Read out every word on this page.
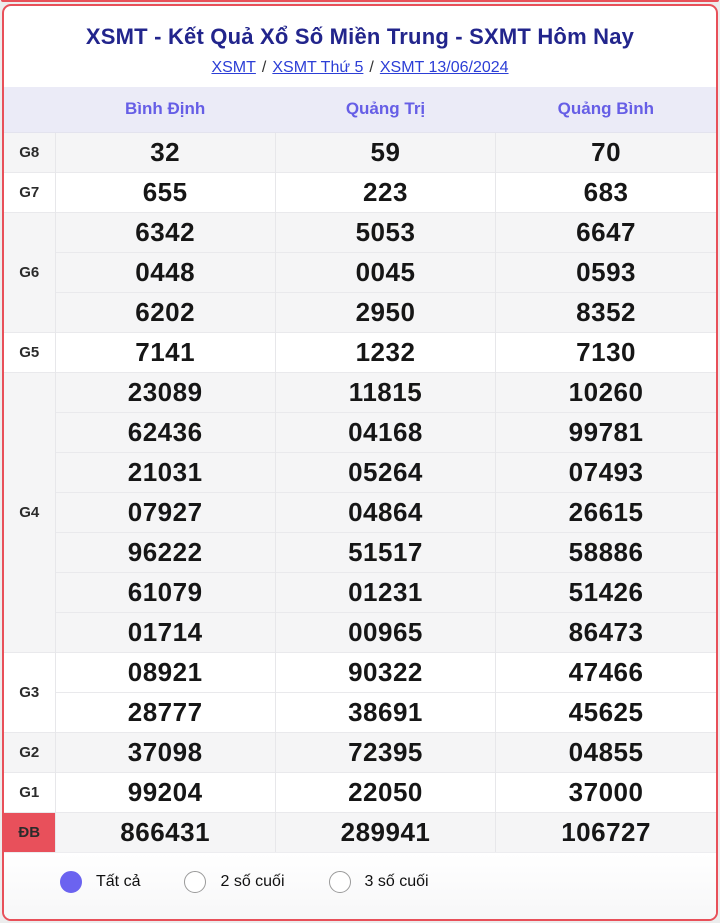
XSMT - Kết Quả Xổ Số Miền Trung - SXMT Hôm Nay
XSMT / XSMT Thứ 5 / XSMT 13/06/2024
	Bình Định	Quảng Trị	Quảng Bình
G8	32	59	70
G7	655	223	683
G6	6342	5053	6647
	0448	0045	0593
	6202	2950	8352
G5	7141	1232	7130
G4	23089	11815	10260
	62436	04168	99781
	21031	05264	07493
	07927	04864	26615
	96222	51517	58886
	61079	01231	51426
	01714	00965	86473
G3	08921	90322	47466
	28777	38691	45625
G2	37098	72395	04855
G1	99204	22050	37000
ĐB	866431	289941	106727
Tất cả	2 số cuối	3 số cuối
